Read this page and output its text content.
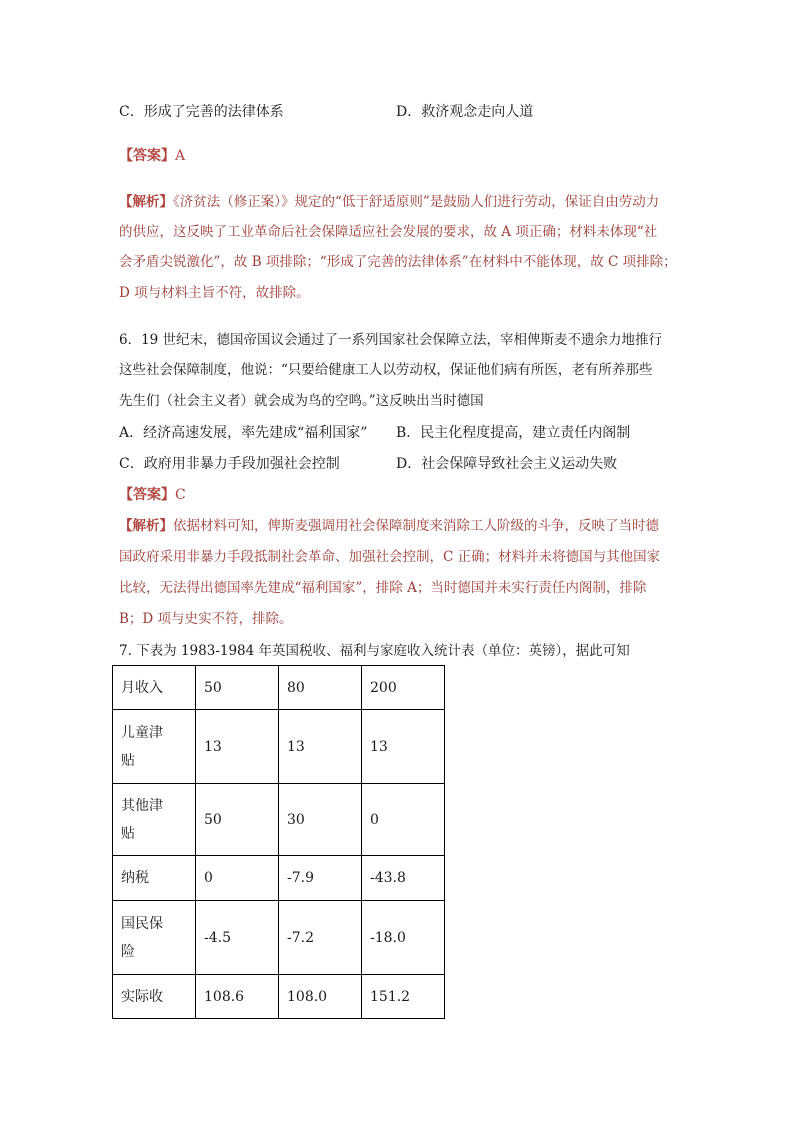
C．形成了完善的法律体系	D．救济观念走向人道
【答案】A
【解析】《济贫法（修正案）》规定的“低于舒适原则”是鼓励人们进行劳动，保证自由劳动力
的供应，这反映了工业革命后社会保障适应社会发展的要求，故 A 项正确；材料未体现“社
会矛盾尖锐激化”，故 B 项排除；“形成了完善的法律体系”在材料中不能体现，故 C 项排除；
D 项与材料主旨不符，故排除。
6．19 世纪末，德国帝国议会通过了一系列国家社会保障立法，宰相俾斯麦不遗余力地推行
这些社会保障制度，他说：“只要给健康工人以劳动权，保证他们病有所医，老有所养那些
先生们（社会主义者）就会成为鸟的空鸣。”这反映出当时德国
A．经济高速发展，率先建成“福利国家” B．民主化程度提高，建立责任内阁制
C．政府用非暴力手段加强社会控制	D．社会保障导致社会主义运动失败
【答案】C
【解析】依据材料可知，俾斯麦强调用社会保障制度来消除工人阶级的斗争，反映了当时德
国政府采用非暴力手段抵制社会革命、加强社会控制，C 正确；材料并未将德国与其他国家
比较，无法得出德国率先建成“福利国家”，排除 A；当时德国并未实行责任内阁制，排除
B；D 项与史实不符，排除。
7. 下表为 1983-1984 年英国税收、福利与家庭收入统计表（单位：英镑），据此可知
月收入	50	80	200

儿童津贴	13	13	13

其他津贴	50	30	0
纳税	0	-7.9	-43.8

国民保险	-4.5	-7.2	-18.0
实际收	108.6	108.0	151.2
